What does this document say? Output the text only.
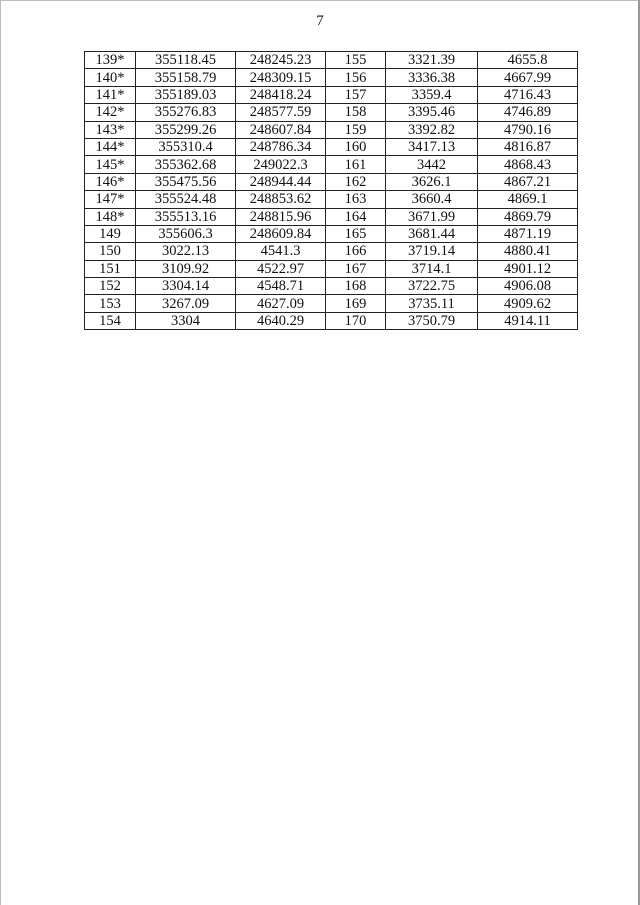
7
139*	355118.45	248245.23	155	3321.39	4655.8
140*	355158.79	248309.15	156	3336.38	4667.99
141*	355189.03	248418.24	157	3359.4	4716.43
142*	355276.83	248577.59	158	3395.46	4746.89
143*	355299.26	248607.84	159	3392.82	4790.16
144*	355310.4	248786.34	160	3417.13	4816.87
145*	355362.68	249022.3	161	3442	4868.43
146*	355475.56	248944.44	162	3626.1	4867.21
147*	355524.48	248853.62	163	3660.4	4869.1
148*	355513.16	248815.96	164	3671.99	4869.79
149	355606.3	248609.84	165	3681.44	4871.19
150	3022.13	4541.3	166	3719.14	4880.41
151	3109.92	4522.97	167	3714.1	4901.12
152	3304.14	4548.71	168	3722.75	4906.08
153	3267.09	4627.09	169	3735.11	4909.62
154	3304	4640.29	170	3750.79	4914.11
